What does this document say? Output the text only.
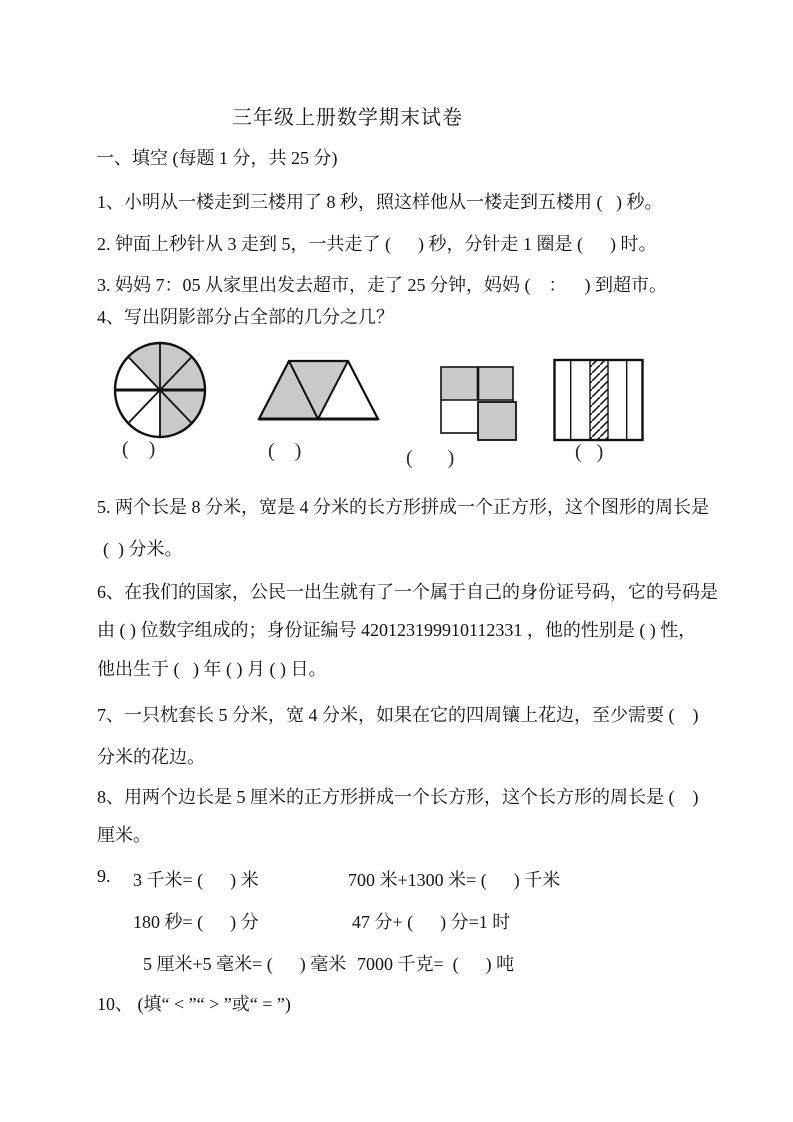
三年级上册数学期末试卷
一、填空 (每题 1 分，共 25 分)
1、小明从一楼走到三楼用了 8 秒，照这样他从一楼走到五楼用 (   ) 秒。
2. 钟面上秒针从 3 走到 5，一共走了 (      ) 秒，分针走 1 圈是 (      ) 时。
3. 妈妈 7：05 从家里出发去超市，走了 25 分钟，妈妈 (    ：    ) 到超市。
4、写出阴影部分占全部的几分之几？
(    )	(    )	(       )	(   )
5. 两个长是 8 分米，宽是 4 分米的长方形拼成一个正方形，这个图形的周长是
(  ) 分米。
6、在我们的国家，公民一出生就有了一个属于自己的身份证号码，它的号码是
由 ( ) 位数字组成的；身份证编号 420123199910112331 ，他的性别是 ( ) 性，
他出生于 (   ) 年 ( ) 月 ( ) 日。
7、一只枕套长 5 分米，宽 4 分米，如果在它的四周镶上花边，至少需要 (    )
分米的花边。
8、用两个边长是 5 厘米的正方形拼成一个长方形，这个长方形的周长是 (    )
厘米。
9. 3 千米= (      ) 米	700 米+1300 米= (      ) 千米
180 秒= (      ) 分	47 分+ (      ) 分=1 时
5 厘米+5 毫米= (      ) 毫米 7000 千克=  (      ) 吨
10、 (填“ < ”“ > ”或“ = ”)
